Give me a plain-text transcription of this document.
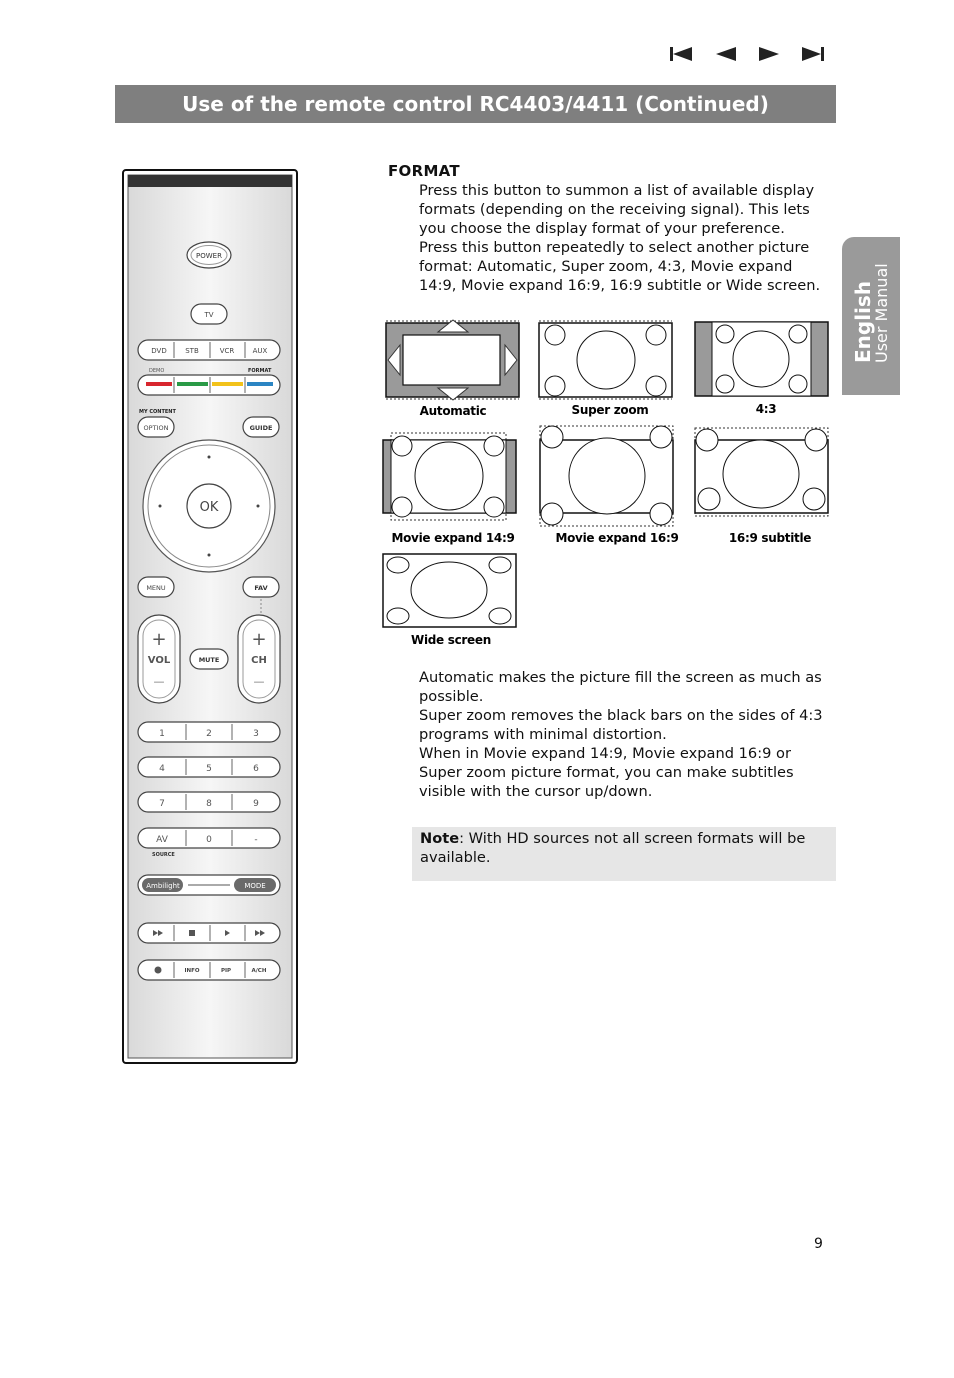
Use of the remote control RC4403/4411 (Continued)
English
User Manual
POWER
TV
DVD	STB	VCR	AUX
DEMO	FORMAT
MY CONTENT
OPTION	GUIDE
OK
MENU	FAV
+
VOL
—
MUTE
+
CH
—
1	2	3
4	5	6
7	8	9
AV	0	-
SOURCE
Ambilight	MODE
INFO	PIP	A/CH
FORMAT

Press this button to summon a list of available display formats (depending on the receiving signal). This lets you choose the display format of your preference.

Press this button repeatedly to select another picture format: Automatic, Super zoom, 4:3, Movie expand 14:9, Movie expand 16:9, 16:9 subtitle or Wide screen.

Automatic	Super zoom	4:3
Movie expand 14:9	Movie expand 16:9	16:9 subtitle
Wide screen

Automatic makes the picture fill the screen as much as possible.

Super zoom removes the black bars on the sides of 4:3 programs with minimal distortion.

When in Movie expand 14:9, Movie expand 16:9 or Super zoom picture format, you can make subtitles visible with the cursor up/down.

Note: With HD sources not all screen formats will be available.
9
